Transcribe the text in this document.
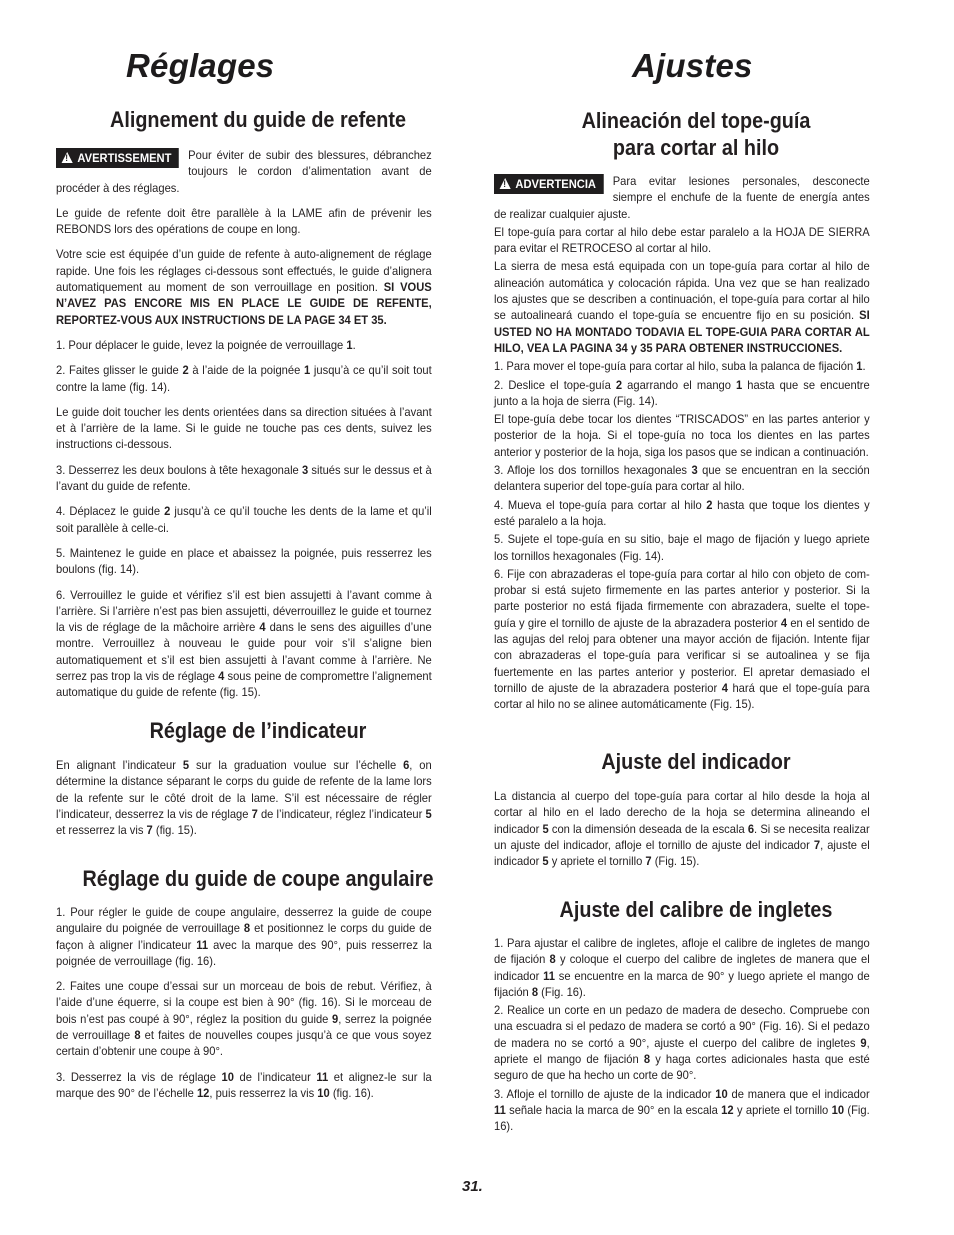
Réglages	Ajustes
Alignement du guide de refente

!AVERTISSEMENT	Pour éviter de subir des blessures, débranchez toujours le cordon d’alimentation avant de procéder à des réglages.

Le guide de refente doit être parallèle à la LAME afin de prévenir les REBONDS lors des opérations de coupe en long.

Votre scie est équipée d’un guide de refente à auto-alignement de réglage rapide. Une fois les réglages ci-dessous sont effectués, le guide d’alignera automatiquement au moment de son verrouillage en position. SI VOUS N’AVEZ PAS ENCORE MIS EN PLACE LE GUIDE DE REFENTE, REPORTEZ-VOUS AUX INSTRUCTIONS DE LA PAGE 34 ET 35.

1. Pour déplacer le guide, levez la poignée de verrouillage 1.

2. Faites glisser le guide 2 à l’aide de la poignée 1 jusqu’à ce qu’il soit tout contre la lame (fig. 14).

Le guide doit toucher les dents orientées dans sa direction situées à l’avant et à l’arrière de la lame. Si le guide ne touche pas ces dents, suivez les instructions ci-dessous.

3. Desserrez les deux boulons à tête hexagonale 3 situés sur le dessus et à l’avant du guide de refente.

4. Déplacez le guide 2 jusqu’à ce qu’il touche les dents de la lame et qu’il soit parallèle à celle-ci.

5. Maintenez le guide en place et abaissez la poignée, puis resserrez les boulons (fig. 14).

6. Verrouillez le guide et vérifiez s’il est bien assujetti à l’avant comme à l’arrière. Si l’arrière n’est pas bien assujetti, déverrouillez le guide et tournez la vis de réglage de la mâchoire arrière 4 dans le sens des aiguilles d’une montre. Verrouillez à nouveau le guide pour voir s’il s’aligne bien automatiquement et s’il est bien assujetti à l’avant comme à l’arrière. Ne serrez pas trop la vis de réglage 4 sous peine de compromettre l’alignement automatique du guide de refente (fig. 15).

Réglage de l’indicateur

En alignant l’indicateur 5 sur la graduation voulue sur l’échelle 6, on détermine la distance séparant le corps du guide de refente de la lame lors de la refente sur le côté droit de la lame. S’il est nécessaire de régler l’indicateur, desserrez la vis de réglage 7 de l’indicateur, réglez l’indicateur 5 et resserrez la vis 7 (fig. 15).

Réglage du guide de coupe angulaire

1. Pour régler le guide de coupe angulaire, desserrez la guide de coupe angulaire du poignée de verrouillage 8 et positionnez le corps du guide de façon à aligner l’indicateur 11 avec la marque des 90°, puis resserrez la poignée de verrouillage (fig. 16).

2. Faites une coupe d’essai sur un morceau de bois de rebut. Vérifiez, à l’aide d’une équerre, si la coupe est bien à 90° (fig. 16). Si le morceau de bois n’est pas coupé à 90°, réglez la position du guide 9, serrez la poignée de verrouillage 8 et faites de nouvelles coupes jusqu’à ce que vous soyez certain d’obtenir une coupe à 90°.

3. Desserrez la vis de réglage 10 de l’indicateur 11 et alignez-le sur la marque des 90° de l’échelle 12, puis resserrez la vis 10 (fig. 16).

Alineación del tope-guía
para cortar al hilo

!ADVERTENCIA	Para evitar lesiones personales, desconecte siempre el enchufe de la fuente de energía antes de realizar cualquier ajuste.

El tope-guía para cortar al hilo debe estar paralelo a la HOJA DE SIERRA para evitar el RETROCESO al cortar al hilo.

La sierra de mesa está equipada con un tope-guía para cortar al hilo de alineación automática y colocación rápida. Una vez que se han realizado los ajustes que se describen a continuación, el tope-guía para cortar al hilo se autoalineará cuando el tope-guía se encuentre fijo en su posición. SI USTED NO HA MONTADO TODAVIA EL TOPE-GUIA PARA CORTAR AL HILO, VEA LA PAGINA 34 y 35 PARA OBTENER INSTRUCCIONES.

1. Para mover el tope-guía para cortar al hilo, suba la palanca de fijación 1.

2. Deslice el tope-guía 2 agarrando el mango 1 hasta que se encuentre junto a la hoja de sierra (Fig. 14).

El tope-guía debe tocar los dientes “TRISCADOS” en las partes anterior y posterior de la hoja. Si el tope-guía no toca los dientes en las partes anterior y posterior de la hoja, siga los pasos que se indican a continuación.

3. Afloje los dos tornillos hexagonales 3 que se encuentran en la sección delantera superior del tope-guía para cortar al hilo.

4. Mueva el tope-guía para cortar al hilo 2 hasta que toque los dientes y esté paralelo a la hoja.

5. Sujete el tope-guía en su sitio, baje el mago de fijación y luego apriete los tornillos hexagonales (Fig. 14).

6. Fije con abrazaderas el tope-guía para cortar al hilo con objeto de com-probar si está sujeto firmemente en las partes anterior y posterior. Si la parte posterior no está fijada firmemente con abrazadera, suelte el tope-guía y gire el tornillo de ajuste de la abrazadera posterior 4 en el sentido de las agujas del reloj para obtener una mayor acción de fijación. Intente fijar con abrazaderas el tope-guía para verificar si se autoalinea y se fija fuertemente en las partes anterior y posterior. El apretar demasiado el tornillo de ajuste de la abrazadera posterior 4 hará que el tope-guía para cortar al hilo no se alinee automáticamente (Fig. 15).

Ajuste del indicador

La distancia al cuerpo del tope-guía para cortar al hilo desde la hoja al cortar al hilo en el lado derecho de la hoja se determina alineando el indicador 5 con la dimensión deseada de la escala 6. Si se necesita realizar un ajuste del indicador, afloje el tornillo de ajuste del indicador 7, ajuste el indicador 5 y apriete el tornillo 7 (Fig. 15).

Ajuste del calibre de ingletes

1. Para ajustar el calibre de ingletes, afloje el calibre de ingletes de mango de fijación 8 y coloque el cuerpo del calibre de ingletes de manera que el indicador 11 se encuentre en la marca de 90° y luego apriete el mango de fijación 8 (Fig. 16).

2. Realice un corte en un pedazo de madera de desecho. Compruebe con una escuadra si el pedazo de madera se cortó a 90° (Fig. 16). Si el pedazo de madera no se cortó a 90°, ajuste el cuerpo del calibre de ingletes 9, apriete el mango de fijación 8 y haga cortes adicionales hasta que esté seguro de que ha hecho un corte de 90°.

3. Afloje el tornillo de ajuste de la indicador 10 de manera que el indicador 11 señale hacia la marca de 90° en la escala 12 y apriete el tornillo 10 (Fig. 16).

31.
